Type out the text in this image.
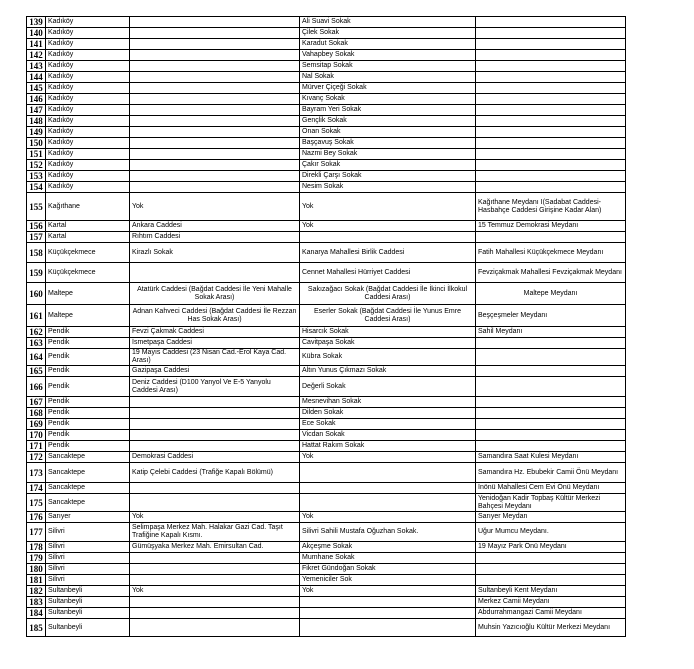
139	Kadıköy		Ali Suavi Sokak	
140	Kadıköy		Çilek Sokak	
141	Kadıköy		Karadut Sokak	
142	Kadıköy		Vahapbey Sokak	
143	Kadıköy		Semsitap Sokak	
144	Kadıköy		Nal Sokak	
145	Kadıköy		Mürver Çiçeği Sokak	
146	Kadıköy		Kıvanç Sokak	
147	Kadıköy		Bayram Yeri Sokak	
148	Kadıköy		Gençlik Sokak	
149	Kadıköy		Onan Sokak	
150	Kadıköy		Başçavuş Sokak	
151	Kadıköy		Nazmi Bey Sokak	
152	Kadıköy		Çakır Sokak	
153	Kadıköy		Direkli Çarşı Sokak	
154	Kadıköy		Nesim Sokak	
155	Kağıthane	Yok	Yok	Kağıthane Meydanı I(Sadabat Caddesi-Hasbahçe Caddesi Girişine Kadar Alan)
156	Kartal	Ankara Caddesi	Yok	15 Temmuz Demokrasi Meydanı
157	Kartal	Rıhtım Caddesi		
158	Küçükçekmece	Kirazlı Sokak	Kanarya Mahallesi Birlik Caddesi	Fatih Mahallesi Küçükçekmece Meydanı
159	Küçükçekmece		Cennet Mahallesi Hürriyet Caddesi	Fevziçakmak Mahallesi Fevziçakmak Meydanı
160	Maltepe	Atatürk Caddesi (Bağdat Caddesi İle Yeni Mahalle Sokak Arası)	Sakızağacı Sokak (Bağdat Caddesi İle İkinci İlkokul Caddesi Arası)	Maltepe Meydanı
161	Maltepe	Adnan Kahveci Caddesi (Bağdat Caddesi İle Rezzan Has Sokak Arası)	Eserler Sokak (Bağdat Caddesi İle Yunus Emre Caddesi Arası)	Beşçeşmeler Meydanı
162	Pendik	Fevzi Çakmak Caddesi	Hisarcık Sokak	Sahil Meydanı
163	Pendik	İsmetpaşa Caddesi	Cavitpaşa Sokak	
164	Pendik	19 Mayıs Caddesi (23 Nisan Cad.-Erol Kaya Cad. Arası)	Kübra Sokak	
165	Pendik	Gazipaşa Caddesi	Altın Yunus Çıkmazı Sokak	
166	Pendik	Deniz Caddesi (D100 Yanyol Ve E-5 Yanyolu Caddesi Arası)	Değerli Sokak	
167	Pendik		Mesnevihan Sokak	
168	Pendik		Dilden Sokak	
169	Pendik		Ece Sokak	
170	Pendik		Vicdan Sokak	
171	Pendik		Hattat Rakım Sokak	
172	Sancaktepe	Demokrasi Caddesi	Yok	Samandıra Saat Kulesi Meydanı
173	Sancaktepe	Katip Çelebi Caddesi (Trafiğe Kapalı Bölümü)		Samandıra Hz. Ebubekir Camii Önü Meydanı
174	Sancaktepe			İnönü Mahallesi Cem Evi Önü Meydanı
175	Sancaktepe			Yenidoğan Kadir Topbaş Kültür Merkezi Bahçesi Meydanı
176	Sarıyer	Yok	Yok	Sarıyer Meydan
177	Silivri	Selimpaşa Merkez Mah. Halakar Gazi Cad. Taşıt Trafiğine Kapalı Kısmı.	Silivri Sahili Mustafa Oğuzhan Sokak.	Uğur Mumcu Meydanı.
178	Silivri	Gümüşyaka Merkez Mah. Emirsultan Cad.	Akçeşme Sokak	19 Mayız Park Önü Meydanı
179	Silivri		Mumhane Sokak	
180	Silivri		Fikret Gündoğan Sokak	
181	Silivri		Yemeniciler Sok	
182	Sultanbeyli	Yok	Yok	Sultanbeyli Kent Meydanı
183	Sultanbeyli			Merkez Camii Meydanı
184	Sultanbeyli			Abdurrahmangazi Camii Meydanı
185	Sultanbeyli			Muhsin Yazıcıoğlu Kültür Merkezi Meydanı
